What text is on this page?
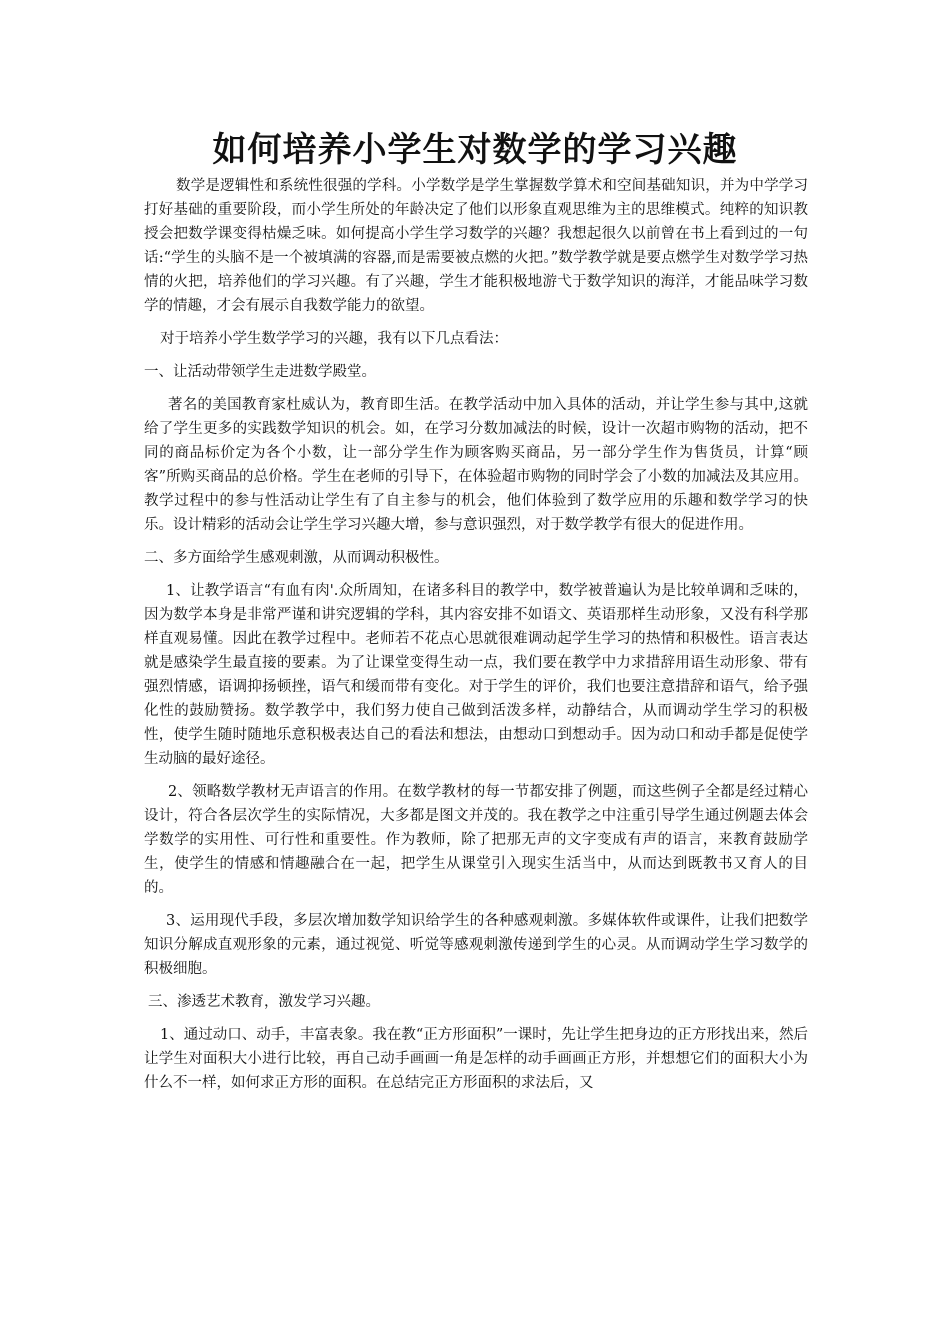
如何培养小学生对数学的学习兴趣

数学是逻辑性和系统性很强的学科。小学数学是学生掌握数学算术和空间基础知识，并为中学学习打好基础的重要阶段，而小学生所处的年龄决定了他们以形象直观思维为主的思维模式。纯粹的知识教授会把数学课变得枯燥乏味。如何提高小学生学习数学的兴趣？我想起很久以前曾在书上看到过的一句话:“学生的头脑不是一个被填满的容器,而是需要被点燃的火把。”数学教学就是要点燃学生对数学学习热情的火把，培养他们的学习兴趣。有了兴趣，学生才能积极地游弋于数学知识的海洋，才能品味学习数学的情趣，才会有展示自我数学能力的欲望。

对于培养小学生数学学习的兴趣，我有以下几点看法：

一、让活动带领学生走进数学殿堂。

著名的美国教育家杜威认为，教育即生活。在教学活动中加入具体的活动，并让学生参与其中,这就给了学生更多的实践数学知识的机会。如，在学习分数加减法的时候，设计一次超市购物的活动，把不同的商品标价定为各个小数，让一部分学生作为顾客购买商品，另一部分学生作为售货员，计算“顾客”所购买商品的总价格。学生在老师的引导下，在体验超市购物的同时学会了小数的加减法及其应用。教学过程中的参与性活动让学生有了自主参与的机会，他们体验到了数学应用的乐趣和数学学习的快乐。设计精彩的活动会让学生学习兴趣大增，参与意识强烈，对于数学教学有很大的促进作用。

二、多方面给学生感观刺激，从而调动积极性。

1、让教学语言“有血有肉'.众所周知，在诸多科目的教学中，数学被普遍认为是比较单调和乏味的，因为数学本身是非常严谨和讲究逻辑的学科，其内容安排不如语文、英语那样生动形象，又没有科学那样直观易懂。因此在教学过程中。老师若不花点心思就很难调动起学生学习的热情和积极性。语言表达就是感染学生最直接的要素。为了让课堂变得生动一点，我们要在教学中力求措辞用语生动形象、带有强烈情感，语调抑扬顿挫，语气和缓而带有变化。对于学生的评价，我们也要注意措辞和语气，给予强化性的鼓励赞扬。数学教学中，我们努力使自己做到活泼多样，动静结合，从而调动学生学习的积极性，使学生随时随地乐意积极表达自己的看法和想法，由想动口到想动手。因为动口和动手都是促使学生动脑的最好途径。

2、领略数学教材无声语言的作用。在数学教材的每一节都安排了例题，而这些例子全都是经过精心设计，符合各层次学生的实际情况，大多都是图文并茂的。我在教学之中注重引导学生通过例题去体会学数学的实用性、可行性和重要性。作为教师，除了把那无声的文字变成有声的语言，来教育鼓励学生，使学生的情感和情趣融合在一起，把学生从课堂引入现实生活当中，从而达到既教书又育人的目的。

3、运用现代手段，多层次增加数学知识给学生的各种感观刺激。多媒体软件或课件，让我们把数学知识分解成直观形象的元素，通过视觉、听觉等感观刺激传递到学生的心灵。从而调动学生学习数学的积极细胞。

三、渗透艺术教育，激发学习兴趣。

1、通过动口、动手，丰富表象。我在教“正方形面积”一课时，先让学生把身边的正方形找出来，然后让学生对面积大小进行比较，再自己动手画画一角是怎样的动手画画正方形，并想想它们的面积大小为什么不一样，如何求正方形的面积。在总结完正方形面积的求法后，又
